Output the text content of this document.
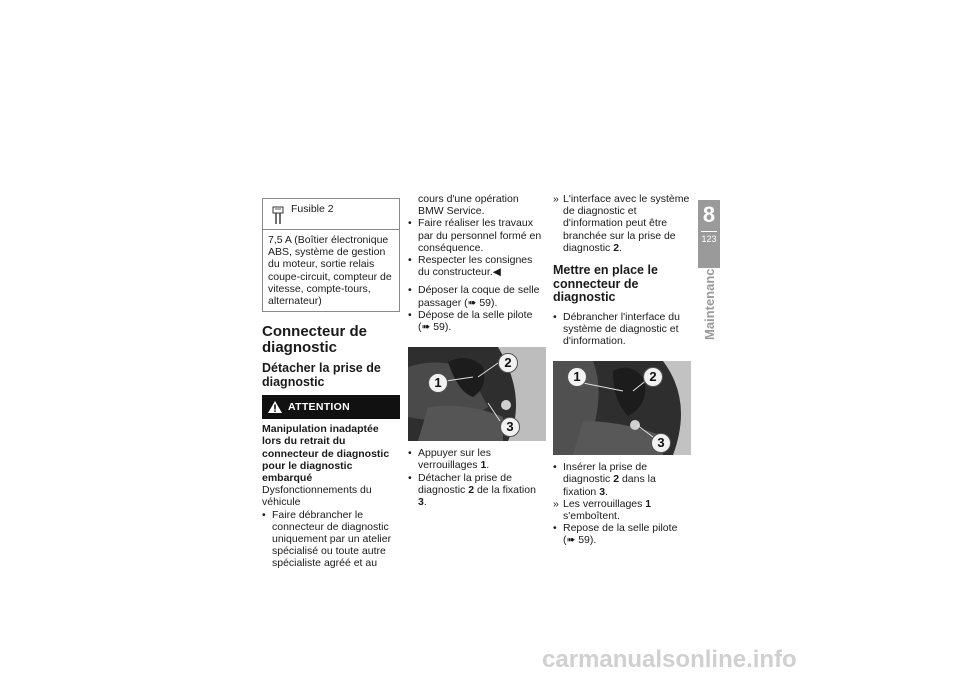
Fusible 2
7,5 A (Boîtier électronique ABS, système de gestion du moteur, sortie relais coupe-circuit, compteur de vitesse, compte-tours, alternateur)
Connecteur de diagnostic
Détacher la prise de diagnostic
ATTENTION
Manipulation inadaptée lors du retrait du connecteur de diagnostic pour le diagnostic embarqué
Dysfonctionnements du véhicule
• Faire débrancher le connecteur de diagnostic uniquement par un atelier spécialisé ou toute autre spécialiste agréé et au
cours d'une opération BMW Service.
• Faire réaliser les travaux par du personnel formé en conséquence.
• Respecter les consignes du constructeur.◀
• Déposer la coque de selle passager (➠ 59).
• Dépose de la selle pilote (➠ 59).
1
2
3
• Appuyer sur les verrouillages 1.
• Détacher la prise de diagnostic 2 de la fixation 3.
» L'interface avec le système de diagnostic et d'information peut être branchée sur la prise de diagnostic 2.
Mettre en place le connecteur de diagnostic
• Débrancher l'interface du système de diagnostic et d'information.
1	2
3
• Insérer la prise de diagnostic 2 dans la fixation 3.
» Les verrouillages 1 s'emboîtent.
• Repose de la selle pilote (➠ 59).
8
123
Maintenance
carmanualsonline.info
